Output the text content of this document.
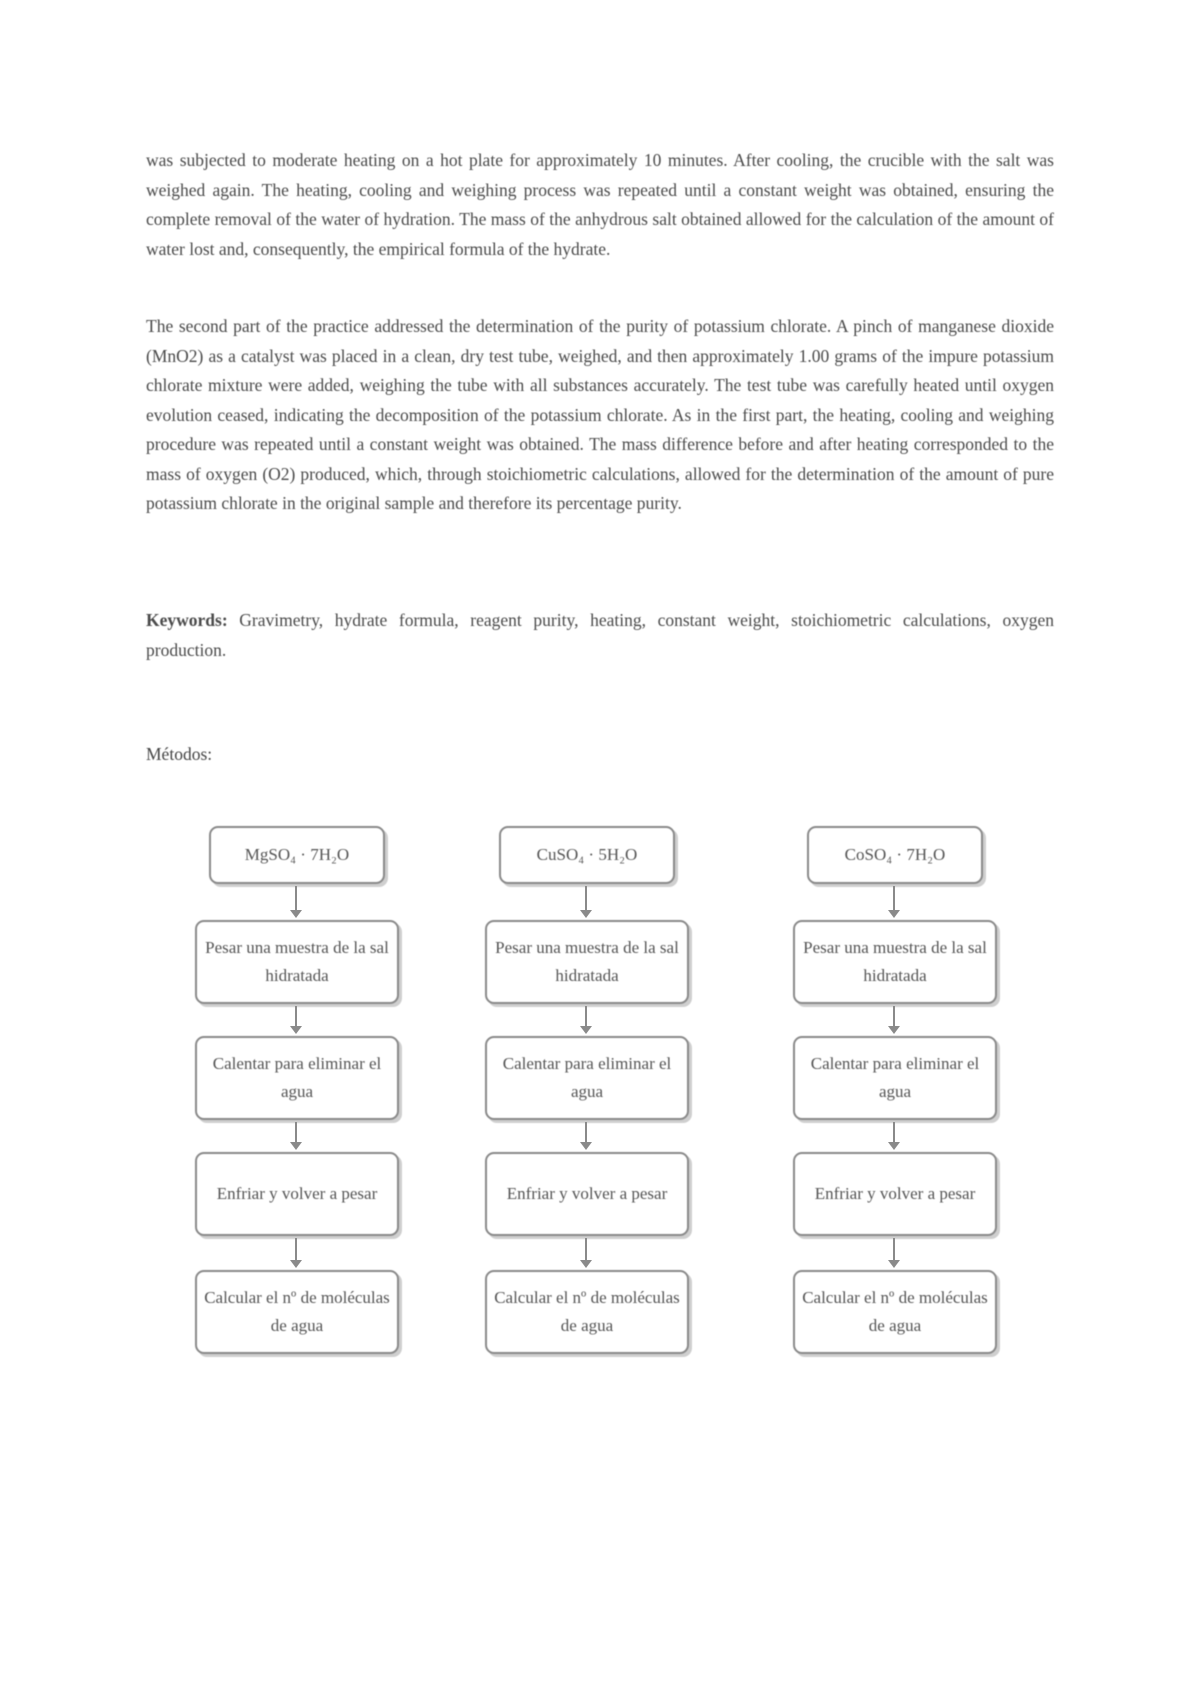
was subjected to moderate heating on a hot plate for approximately 10 minutes. After cooling, the crucible with the salt was weighed again. The heating, cooling and weighing process was repeated until a constant weight was obtained, ensuring the complete removal of the water of hydration. The mass of the anhydrous salt obtained allowed for the calculation of the amount of water lost and, consequently, the empirical formula of the hydrate.

The second part of the practice addressed the determination of the purity of potassium chlorate. A pinch of manganese dioxide (MnO2) as a catalyst was placed in a clean, dry test tube, weighed, and then approximately 1.00 grams of the impure potassium chlorate mixture were added, weighing the tube with all substances accurately. The test tube was carefully heated until oxygen evolution ceased, indicating the decomposition of the potassium chlorate. As in the first part, the heating, cooling and weighing procedure was repeated until a constant weight was obtained. The mass difference before and after heating corresponded to the mass of oxygen (O2) produced, which, through stoichiometric calculations, allowed for the determination of the amount of pure potassium chlorate in the original sample and therefore its percentage purity.

Keywords: Gravimetry, hydrate formula, reagent purity, heating, constant weight, stoichiometric calculations, oxygen production.

Métodos:
MgSO₄ · 7H₂O
Pesar una muestra de la sal hidratada
Calentar para eliminar el agua
Enfriar y volver a pesar
Calcular el nº de moléculas de agua
CuSO₄ · 5H₂O
Pesar una muestra de la sal hidratada
Calentar para eliminar el agua
Enfriar y volver a pesar
Calcular el nº de moléculas de agua
CoSO₄ · 7H₂O
Pesar una muestra de la sal hidratada
Calentar para eliminar el agua
Enfriar y volver a pesar
Calcular el nº de moléculas de agua
